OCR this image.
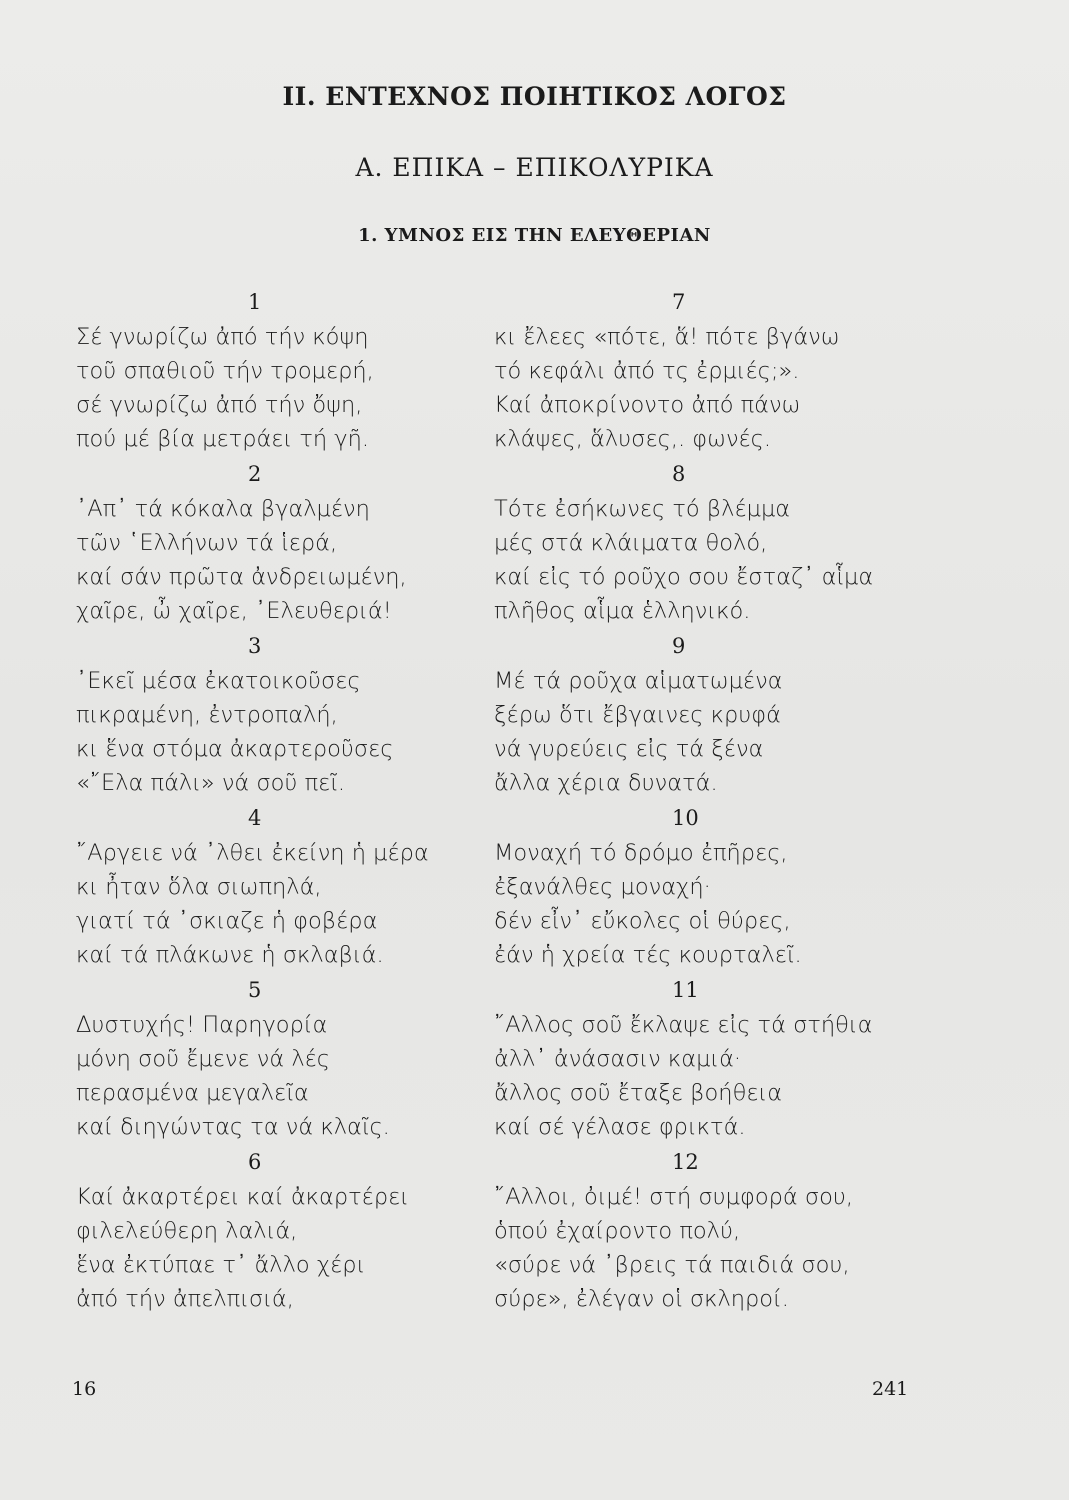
ΙΙ. ΕΝΤΕΧΝΟΣ ΠΟΙΗΤΙΚΟΣ ΛΟΓΟΣ
Α. ΕΠΙΚΑ – ΕΠΙΚΟΛΥΡΙΚΑ
1. ΥΜΝΟΣ ΕΙΣ ΤΗΝ ΕΛΕΥΘΕΡΙΑΝ
1
Σέ γνωρίζω ἀπό τήν κόψη
τοῦ σπαθιοῦ τήν τρομερή,
σέ γνωρίζω ἀπό τήν ὄψη,
πού μέ βία μετράει τή γῆ.
2
᾿Απ᾿ τά κόκαλα βγαλμένη
τῶν ῾Ελλήνων τά ἱερά,
καί σάν πρῶτα ἀνδρειωμένη,
χαῖρε, ὦ χαῖρε, ᾿Ελευθεριά!
3
᾿Εκεῖ μέσα ἐκατοικοῦσες
πικραμένη, ἐντροπαλή,
κι ἕνα στόμα ἀκαρτεροῦσες
«῎Ελα πάλι» νά σοῦ πεῖ.
4
῎Αργειε νά ᾿λθει ἐκείνη ἡ μέρα
κι ἦταν ὅλα σιωπηλά,
γιατί τά ᾿σκιαζε ἡ φοβέρα
καί τά πλάκωνε ἡ σκλαβιά.
5
Δυστυχής! Παρηγορία
μόνη σοῦ ἔμενε νά λές
περασμένα μεγαλεῖα
καί διηγώντας τα νά κλαῖς.
6
Καί ἀκαρτέρει καί ἀκαρτέρει
φιλελεύθερη λαλιά,
ἕνα ἐκτύπαε τ᾿ ἄλλο χέρι
ἀπό τήν ἀπελπισιά,
7
κι ἔλεες «πότε, ἅ! πότε βγάνω
τό κεφάλι ἀπό τς ἐρμιές;».
Καί ἀποκρίνοντο ἀπό πάνω
κλάψες, ἅλυσες,. φωνές.
8
Τότε ἐσήκωνες τό βλέμμα
μές στά κλάιματα θολό,
καί εἰς τό ροῦχο σου ἔσταζ᾿ αἷμα
πλῆθος αἷμα ἑλληνικό.
9
Μέ τά ροῦχα αἱματωμένα
ξέρω ὅτι ἔβγαινες κρυφά
νά γυρεύεις εἰς τά ξένα
ἄλλα χέρια δυνατά.
10
Μοναχή τό δρόμο ἐπῆρες,
ἐξανάλθες μοναχή·
δέν εἶν᾿ εὔκολες οἱ θύρες,
ἐάν ἡ χρεία τές κουρταλεῖ.
11
῎Αλλος σοῦ ἔκλαψε εἰς τά στήθια
ἀλλ᾿ ἀνάσασιν καμιά·
ἄλλος σοῦ ἔταξε βοήθεια
καί σέ γέλασε φρικτά.
12
῎Αλλοι, ὀιμέ! στή συμφορά σου,
ὁπού ἐχαίροντο πολύ,
«σύρε νά ᾿βρεις τά παιδιά σου,
σύρε», ἐλέγαν οἱ σκληροί.
16	241
